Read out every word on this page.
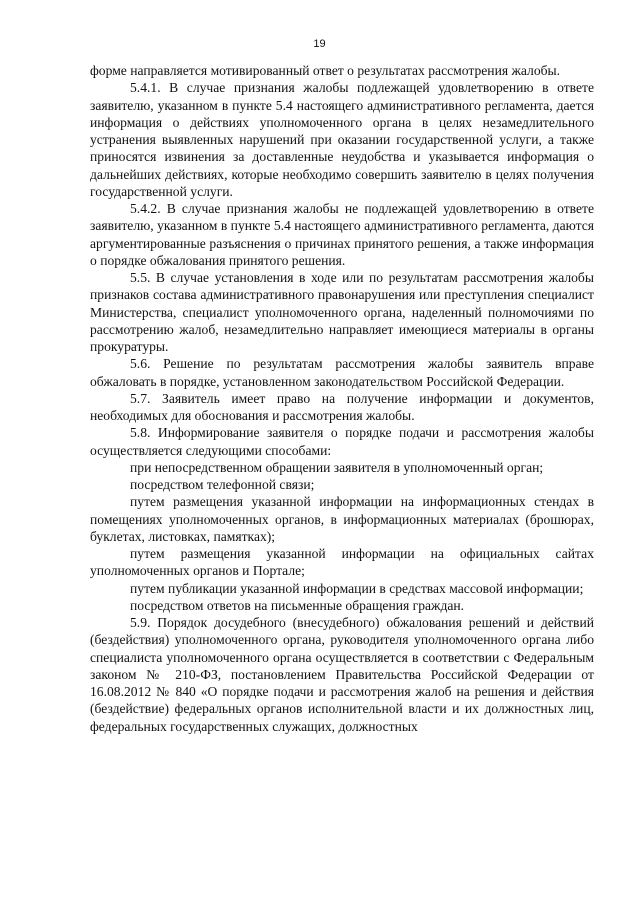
19

форме направляется мотивированный ответ о результатах рассмотрения жалобы.

5.4.1. В случае признания жалобы подлежащей удовлетворению в ответе заявителю, указанном в пункте 5.4 настоящего административного регламента, дается информация о действиях уполномоченного органа в целях незамедлительного устранения выявленных нарушений при оказании государственной услуги, а также приносятся извинения за доставленные неудобства и указывается информация о дальнейших действиях, которые необходимо совершить заявителю в целях получения государственной услуги.

5.4.2. В случае признания жалобы не подлежащей удовлетворению в ответе заявителю, указанном в пункте 5.4 настоящего административного регламента, даются аргументированные разъяснения о причинах принятого решения, а также информация о порядке обжалования принятого решения.

5.5. В случае установления в ходе или по результатам рассмотрения жалобы признаков состава административного правонарушения или преступления специалист Министерства, специалист уполномоченного органа, наделенный полномочиями по рассмотрению жалоб, незамедлительно направляет имеющиеся материалы в органы прокуратуры.

5.6. Решение по результатам рассмотрения жалобы заявитель вправе обжаловать в порядке, установленном законодательством Российской Федерации.

5.7. Заявитель имеет право на получение информации и документов, необходимых для обоснования и рассмотрения жалобы.

5.8. Информирование заявителя о порядке подачи и рассмотрения жалобы осуществляется следующими способами:

при непосредственном обращении заявителя в уполномоченный орган;

посредством телефонной связи;

путем размещения указанной информации на информационных стендах в помещениях уполномоченных органов, в информационных материалах (брошюрах, буклетах, листовках, памятках);

путем размещения указанной информации на официальных сайтах уполномоченных органов и Портале;

путем публикации указанной информации в средствах массовой информации;

посредством ответов на письменные обращения граждан.

5.9. Порядок досудебного (внесудебного) обжалования решений и действий (бездействия) уполномоченного органа, руководителя уполномоченного органа либо специалиста уполномоченного органа осуществляется в соответствии с Федеральным законом № 210-ФЗ, постановлением Правительства Российской Федерации от 16.08.2012 № 840 «О порядке подачи и рассмотрения жалоб на решения и действия (бездействие) федеральных органов исполнительной власти и их должностных лиц, федеральных государственных служащих, должностных
